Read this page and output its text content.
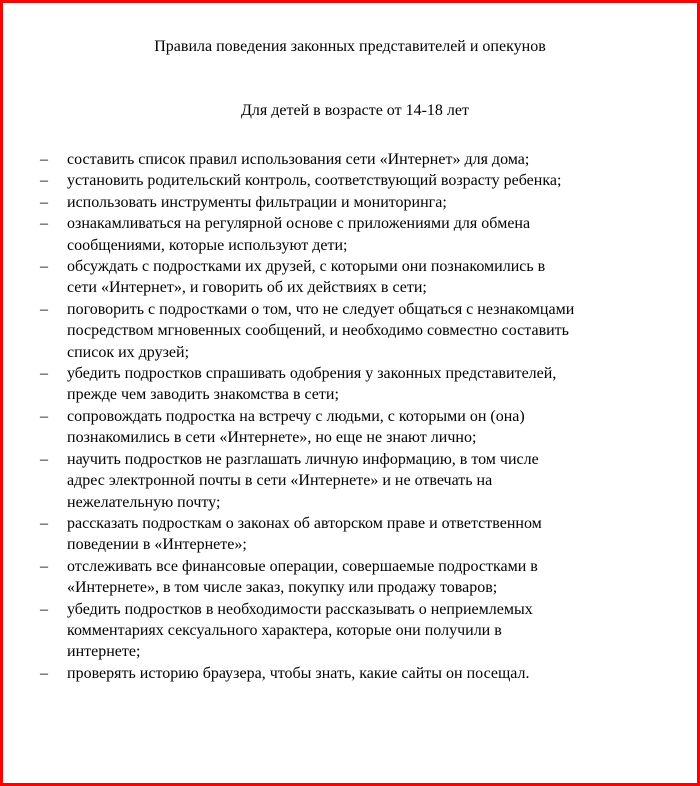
Правила поведения законных представителей и опекунов
Для детей в возрасте от 14-18 лет
– составить список правил использования сети «Интернет» для дома;
– установить родительский контроль, соответствующий возрасту ребенка;
– использовать инструменты фильтрации и мониторинга;
– ознакамливаться на регулярной основе с приложениями для обмена
сообщениями, которые используют дети;
– обсуждать с подростками их друзей, с которыми они познакомились в
сети «Интернет», и говорить об их действиях в сети;
– поговорить с подростками о том, что не следует общаться с незнакомцами
посредством мгновенных сообщений, и необходимо совместно составить
список их друзей;
– убедить подростков спрашивать одобрения у законных представителей,
прежде чем заводить знакомства в сети;
– сопровождать подростка на встречу с людьми, с которыми он (она)
познакомились в сети «Интернете», но еще не знают лично;
– научить подростков не разглашать личную информацию, в том числе
адрес электронной почты в сети «Интернете» и не отвечать на
нежелательную почту;
– рассказать подросткам о законах об авторском праве и ответственном
поведении в «Интернете»;
– отслеживать все финансовые операции, совершаемые подростками в
«Интернете», в том числе заказ, покупку или продажу товаров;
– убедить подростков в необходимости рассказывать о неприемлемых
комментариях сексуального характера, которые они получили в
интернете;
– проверять историю браузера, чтобы знать, какие сайты он посещал.
